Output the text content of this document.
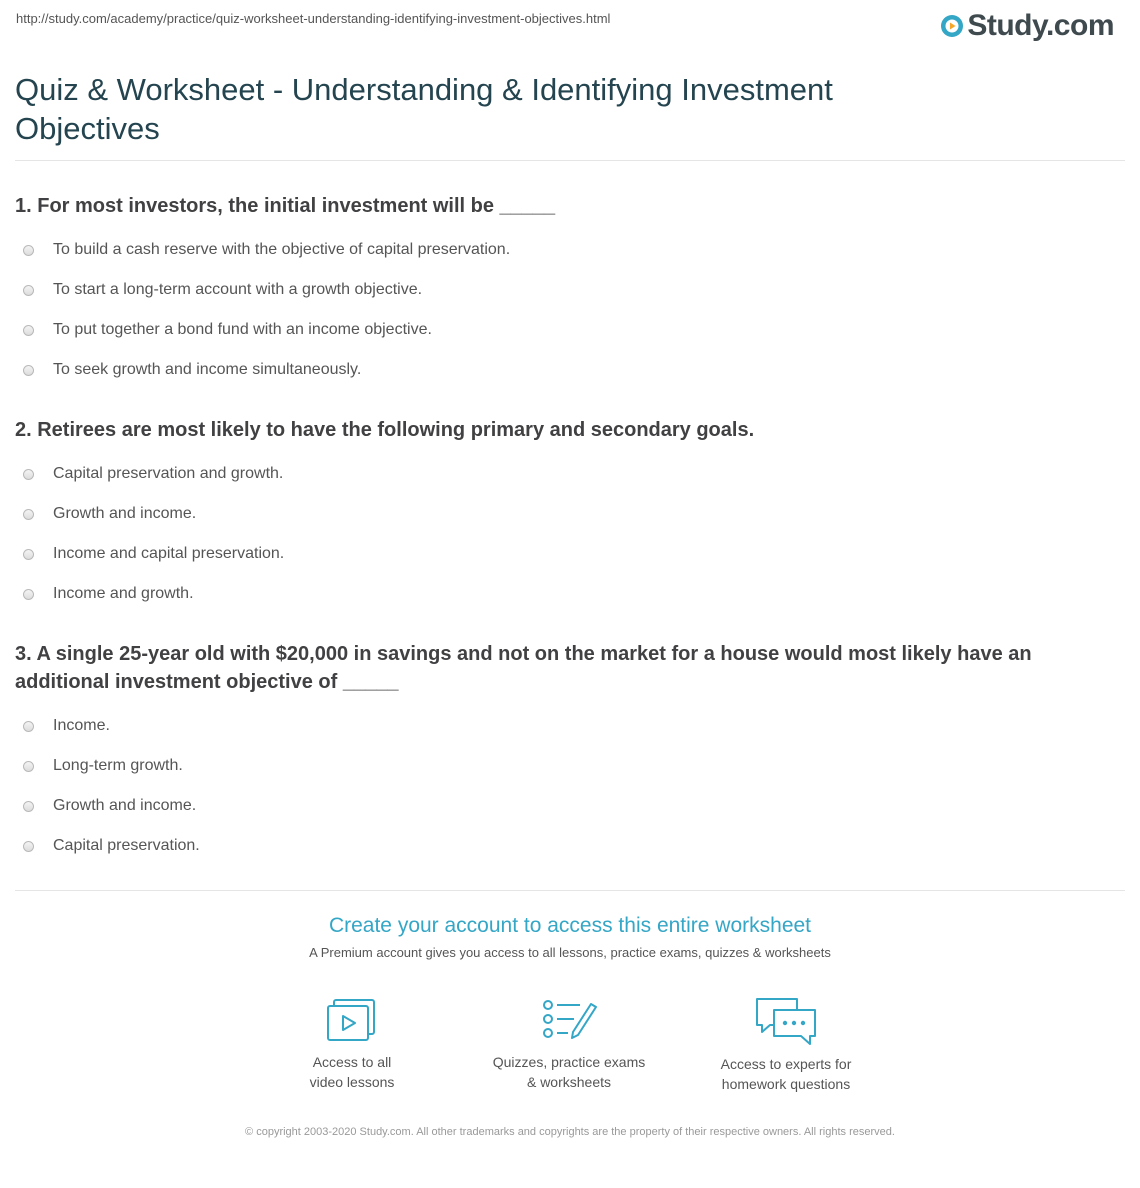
http://study.com/academy/practice/quiz-worksheet-understanding-identifying-investment-objectives.html	Study.com
Quiz & Worksheet - Understanding & Identifying Investment Objectives

1. For most investors, the initial investment will be _____

To build a cash reserve with the objective of capital preservation.
To start a long-term account with a growth objective.
To put together a bond fund with an income objective.
To seek growth and income simultaneously.

2. Retirees are most likely to have the following primary and secondary goals.

Capital preservation and growth.
Growth and income.
Income and capital preservation.
Income and growth.

3. A single 25-year old with $20,000 in savings and not on the market for a house would most likely have an additional investment objective of _____

Income.
Long-term growth.
Growth and income.
Capital preservation.
Create your account to access this entire worksheet
A Premium account gives you access to all lessons, practice exams, quizzes & worksheets
Access to all
video lessons
Quizzes, practice exams
& worksheets
Access to experts for
homework questions
© copyright 2003-2020 Study.com. All other trademarks and copyrights are the property of their respective owners. All rights reserved.
